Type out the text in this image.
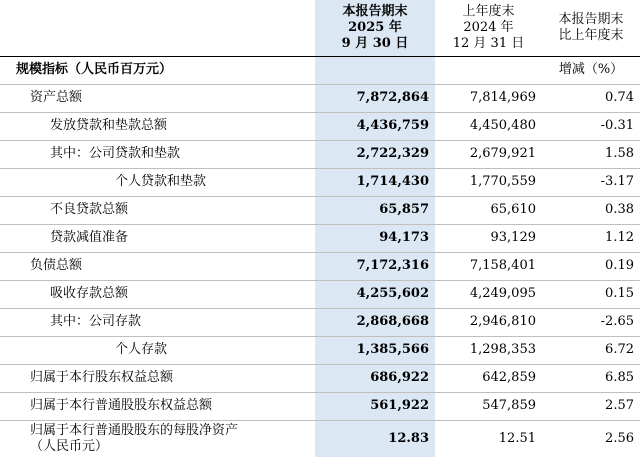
	本报告期末
2025 年
9 月 30 日	上年度末
2024 年
12 月 31 日	本报告期末
比上年度末

规模指标（人民币百万元）			增减（%）
资产总额	7,872,864	7,814,969	0.74
发放贷款和垫款总额	4,436,759	4,450,480	-0.31
其中：公司贷款和垫款	2,722,329	2,679,921	1.58
个人贷款和垫款	1,714,430	1,770,559	-3.17
不良贷款总额	65,857	65,610	0.38
贷款减值准备	94,173	93,129	1.12
负债总额	7,172,316	7,158,401	0.19
吸收存款总额	4,255,602	4,249,095	0.15
其中：公司存款	2,868,668	2,946,810	-2.65
个人存款	1,385,566	1,298,353	6.72
归属于本行股东权益总额	686,922	642,859	6.85
归属于本行普通股股东权益总额	561,922	547,859	2.57

归属于本行普通股股东的每股净资产
（人民币元）	12.83	12.51	2.56
